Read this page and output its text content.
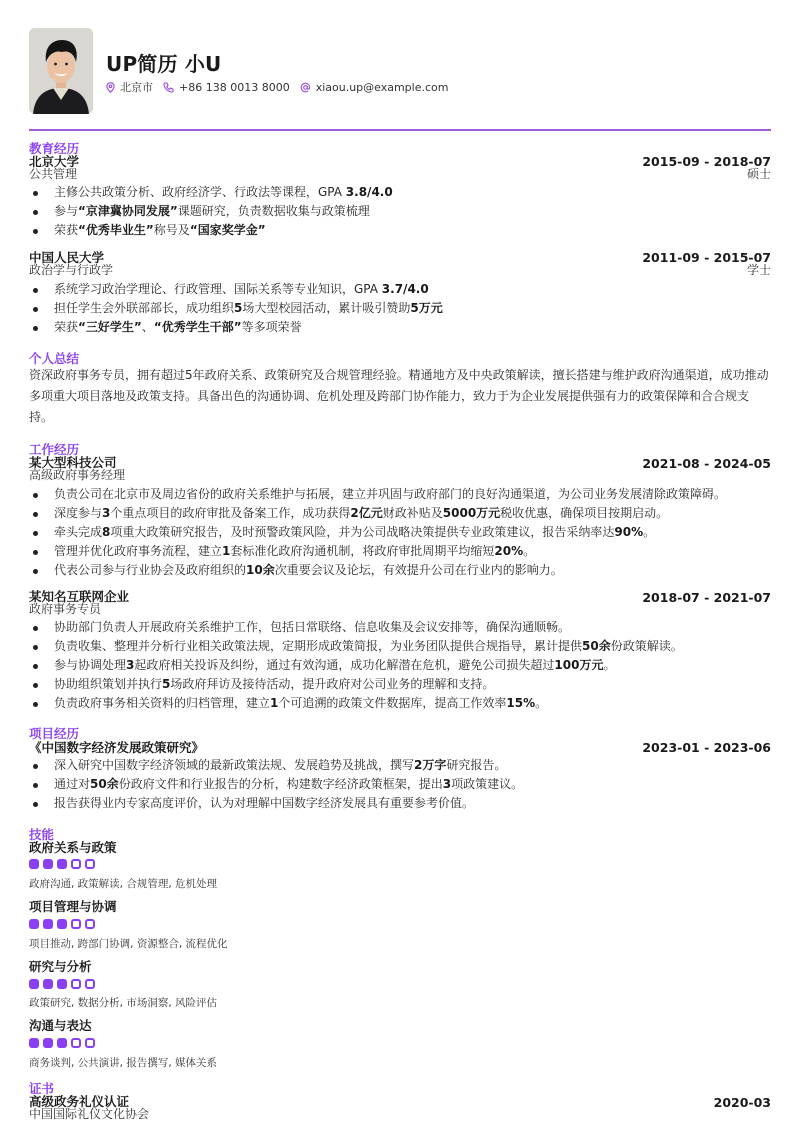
UP简历 小U
北京市 +86 138 0013 8000 xiaou.up@example.com
教育经历
北京大学
公共管理
2015-09 - 2018-07
硕士
主修公共政策分析、政府经济学、行政法等课程，GPA 3.8/4.0
参与“京津冀协同发展”课题研究，负责数据收集与政策梳理
荣获“优秀毕业生”称号及“国家奖学金”
中国人民大学
政治学与行政学
2011-09 - 2015-07
学士
系统学习政治学理论、行政管理、国际关系等专业知识，GPA 3.7/4.0
担任学生会外联部部长，成功组织5场大型校园活动，累计吸引赞助5万元
荣获“三好学生”、“优秀学生干部”等多项荣誉
个人总结
资深政府事务专员，拥有超过5年政府关系、政策研究及合规管理经验。精通地方及中央政策解读，擅长搭建与维护政府沟通渠道，成功推动多项重大项目落地及政策支持。具备出色的沟通协调、危机处理及跨部门协作能力，致力于为企业发展提供强有力的政策保障和合合规支持。
工作经历
某大型科技公司
高级政府事务经理
2021-08 - 2024-05
负责公司在北京市及周边省份的政府关系维护与拓展，建立并巩固与政府部门的良好沟通渠道，为公司业务发展清除政策障碍。
深度参与3个重点项目的政府审批及备案工作，成功获得2亿元财政补贴及5000万元税收优惠，确保项目按期启动。
牵头完成8项重大政策研究报告，及时预警政策风险，并为公司战略决策提供专业政策建议，报告采纳率达90%。
管理并优化政府事务流程，建立1套标准化政府沟通机制，将政府审批周期平均缩短20%。
代表公司参与行业协会及政府组织的10余次重要会议及论坛，有效提升公司在行业内的影响力。
某知名互联网企业
政府事务专员
2018-07 - 2021-07
协助部门负责人开展政府关系维护工作，包括日常联络、信息收集及会议安排等，确保沟通顺畅。
负责收集、整理并分析行业相关政策法规，定期形成政策简报，为业务团队提供合规指导，累计提供50余份政策解读。
参与协调处理3起政府相关投诉及纠纷，通过有效沟通，成功化解潜在危机，避免公司损失超过100万元。
协助组织策划并执行5场政府拜访及接待活动，提升政府对公司业务的理解和支持。
负责政府事务相关资料的归档管理，建立1个可追溯的政策文件数据库，提高工作效率15%。
项目经历
《中国数字经济发展政策研究》	2023-01 - 2023-06
深入研究中国数字经济领域的最新政策法规、发展趋势及挑战，撰写2万字研究报告。
通过对50余份政府文件和行业报告的分析，构建数字经济政策框架，提出3项政策建议。
报告获得业内专家高度评价，认为对理解中国数字经济发展具有重要参考价值。
技能
政府关系与政策
政府沟通, 政策解读, 合规管理, 危机处理
项目管理与协调
项目推动, 跨部门协调, 资源整合, 流程优化
研究与分析
政策研究, 数据分析, 市场洞察, 风险评估
沟通与表达
商务谈判, 公共演讲, 报告撰写, 媒体关系
证书
高级政务礼仪认证
中国国际礼仪文化协会
2020-03
